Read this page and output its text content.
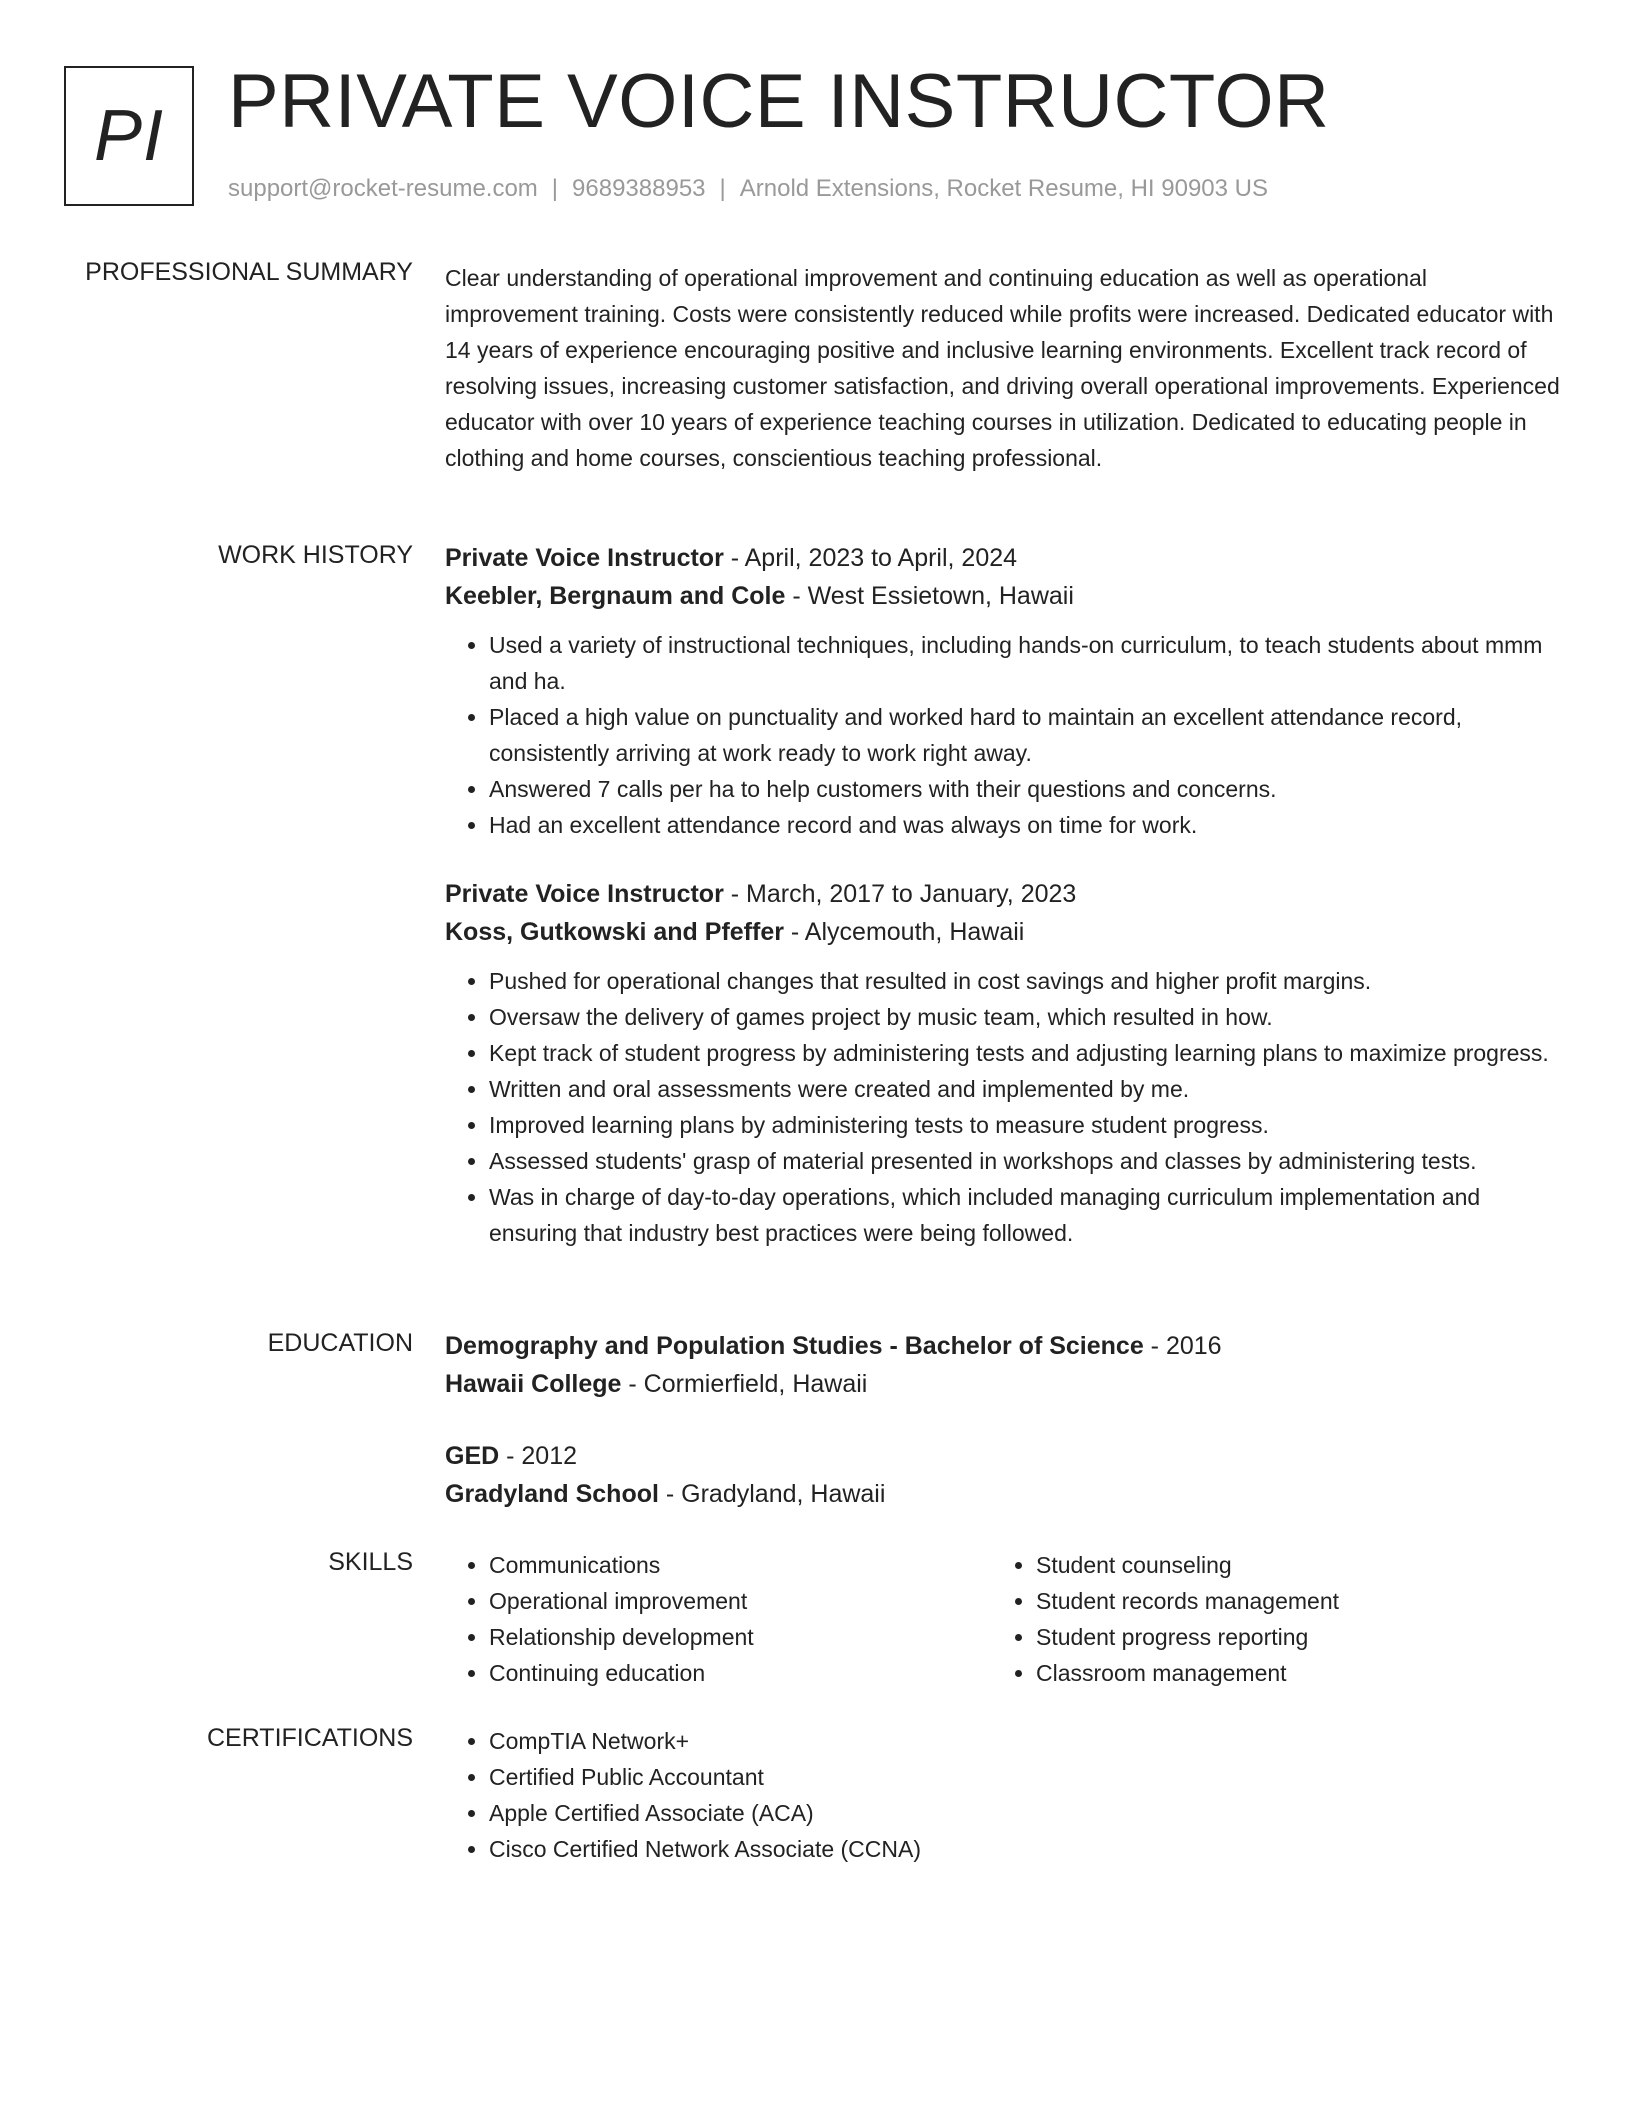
PI PRIVATE VOICE INSTRUCTOR
support@rocket-resume.com | 9689388953 | Arnold Extensions, Rocket Resume, HI 90903 US
PROFESSIONAL SUMMARY Clear understanding of operational improvement and continuing education as well as operational improvement training. Costs were consistently reduced while profits were increased. Dedicated educator with 14 years of experience encouraging positive and inclusive learning environments. Excellent track record of resolving issues, increasing customer satisfaction, and driving overall operational improvements. Experienced educator with over 10 years of experience teaching courses in utilization. Dedicated to educating people in clothing and home courses, conscientious teaching professional.

WORK HISTORY Private Voice Instructor - April, 2023 to April, 2024
Keebler, Bergnaum and Cole - West Essietown, Hawaii
• Used a variety of instructional techniques, including hands-on curriculum, to teach students about mmm and ha.
• Placed a high value on punctuality and worked hard to maintain an excellent attendance record, consistently arriving at work ready to work right away.
• Answered 7 calls per ha to help customers with their questions and concerns.
• Had an excellent attendance record and was always on time for work.
Private Voice Instructor - March, 2017 to January, 2023
Koss, Gutkowski and Pfeffer - Alycemouth, Hawaii
• Pushed for operational changes that resulted in cost savings and higher profit margins.
• Oversaw the delivery of games project by music team, which resulted in how.
• Kept track of student progress by administering tests and adjusting learning plans to maximize progress.
• Written and oral assessments were created and implemented by me.
• Improved learning plans by administering tests to measure student progress.
• Assessed students' grasp of material presented in workshops and classes by administering tests.
• Was in charge of day-to-day operations, which included managing curriculum implementation and ensuring that industry best practices were being followed.
EDUCATION Demography and Population Studies - Bachelor of Science - 2016
Hawaii College - Cormierfield, Hawaii
GED - 2012
Gradyland School - Gradyland, Hawaii
SKILLS	• Communications
• Operational improvement
• Relationship development
• Continuing education
• Student counseling
• Student records management
• Student progress reporting
• Classroom management
CERTIFICATIONS	• CompTIA Network+
• Certified Public Accountant
• Apple Certified Associate (ACA)
• Cisco Certified Network Associate (CCNA)
